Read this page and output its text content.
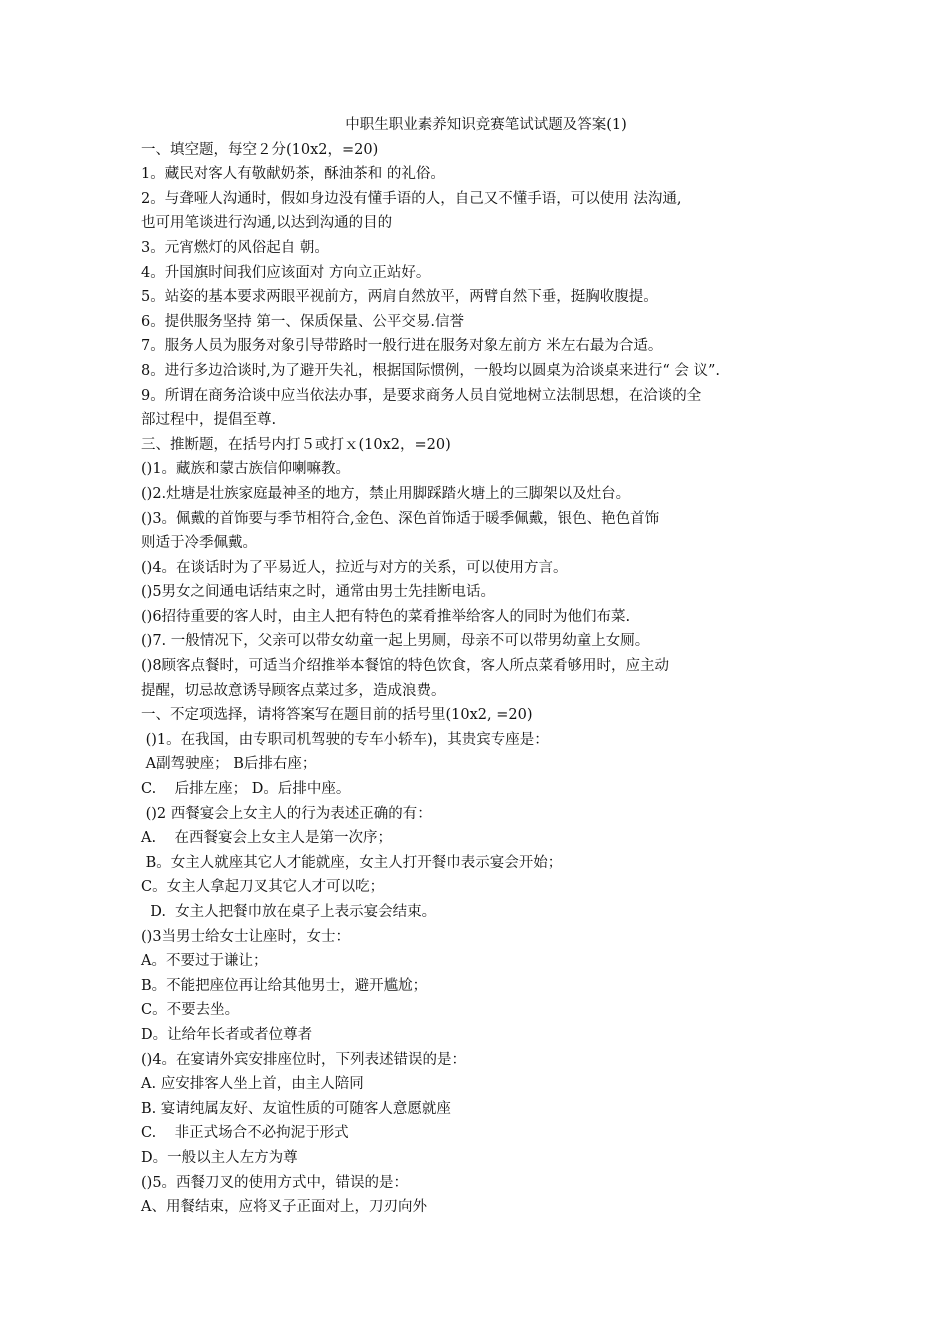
中职生职业素养知识竞赛笔试试题及答案(1)
一、填空题，每空２分(10x2，=20)
1。藏民对客人有敬献奶茶，酥油茶和 的礼俗。
2。与聋哑人沟通时，假如身边没有懂手语的人，自己又不懂手语，可以使用 法沟通,
也可用笔谈进行沟通,以达到沟通的目的
3。元宵燃灯的风俗起自 朝。
4。升国旗时间我们应该面对 方向立正站好。
5。站姿的基本要求两眼平视前方，两肩自然放平，两臂自然下垂，挺胸收腹提。
6。提供服务坚持 第一、保质保量、公平交易.信誉
7。服务人员为服务对象引导带路时一般行进在服务对象左前方 米左右最为合适。
8。进行多边洽谈时,为了避开失礼，根据国际惯例，一般均以圆桌为洽谈桌来进行“ 会 议”.
9。所谓在商务洽谈中应当依法办事，是要求商务人员自觉地树立法制思想，在洽谈的全
部过程中，提倡至尊.
三、推断题，在括号内打５或打ｘ(10x2，=20)
()1。藏族和蒙古族信仰喇嘛教。
()2.灶塘是壮族家庭最神圣的地方，禁止用脚踩踏火塘上的三脚架以及灶台。
()3。佩戴的首饰要与季节相符合,金色、深色首饰适于暖季佩戴，银色、艳色首饰
则适于冷季佩戴。
()4。在谈话时为了平易近人，拉近与对方的关系，可以使用方言。
()5男女之间通电话结束之时，通常由男士先挂断电话。
()6招待重要的客人时，由主人把有特色的菜肴推举给客人的同时为他们布菜.
()7. 一般情况下，父亲可以带女幼童一起上男厕，母亲不可以带男幼童上女厕。
()8顾客点餐时，可适当介绍推举本餐馆的特色饮食，客人所点菜肴够用时，应主动
提醒，切忌故意诱导顾客点菜过多，造成浪费。
一、不定项选择，请将答案写在题目前的括号里(10x2, =20)
()1。在我国，由专职司机驾驶的专车小轿车)，其贵宾专座是：
A副驾驶座； B后排右座；
C.    后排左座； D。后排中座。
()2 西餐宴会上女主人的行为表述正确的有：
A.    在西餐宴会上女主人是第一次序；
B。女主人就座其它人才能就座，女主人打开餐巾表示宴会开始；
C。女主人拿起刀叉其它人才可以吃；
D.  女主人把餐巾放在桌子上表示宴会结束。
()3当男士给女士让座时，女士：
A。不要过于谦让；
B。不能把座位再让给其他男士，避开尴尬；
C。不要去坐。
D。让给年长者或者位尊者
()4。在宴请外宾安排座位时，下列表述错误的是：
A. 应安排客人坐上首，由主人陪同
B. 宴请纯属友好、友谊性质的可随客人意愿就座
C.    非正式场合不必拘泥于形式
D。一般以主人左方为尊
()5。西餐刀叉的使用方式中，错误的是：
A、用餐结束，应将叉子正面对上，刀刃向外
